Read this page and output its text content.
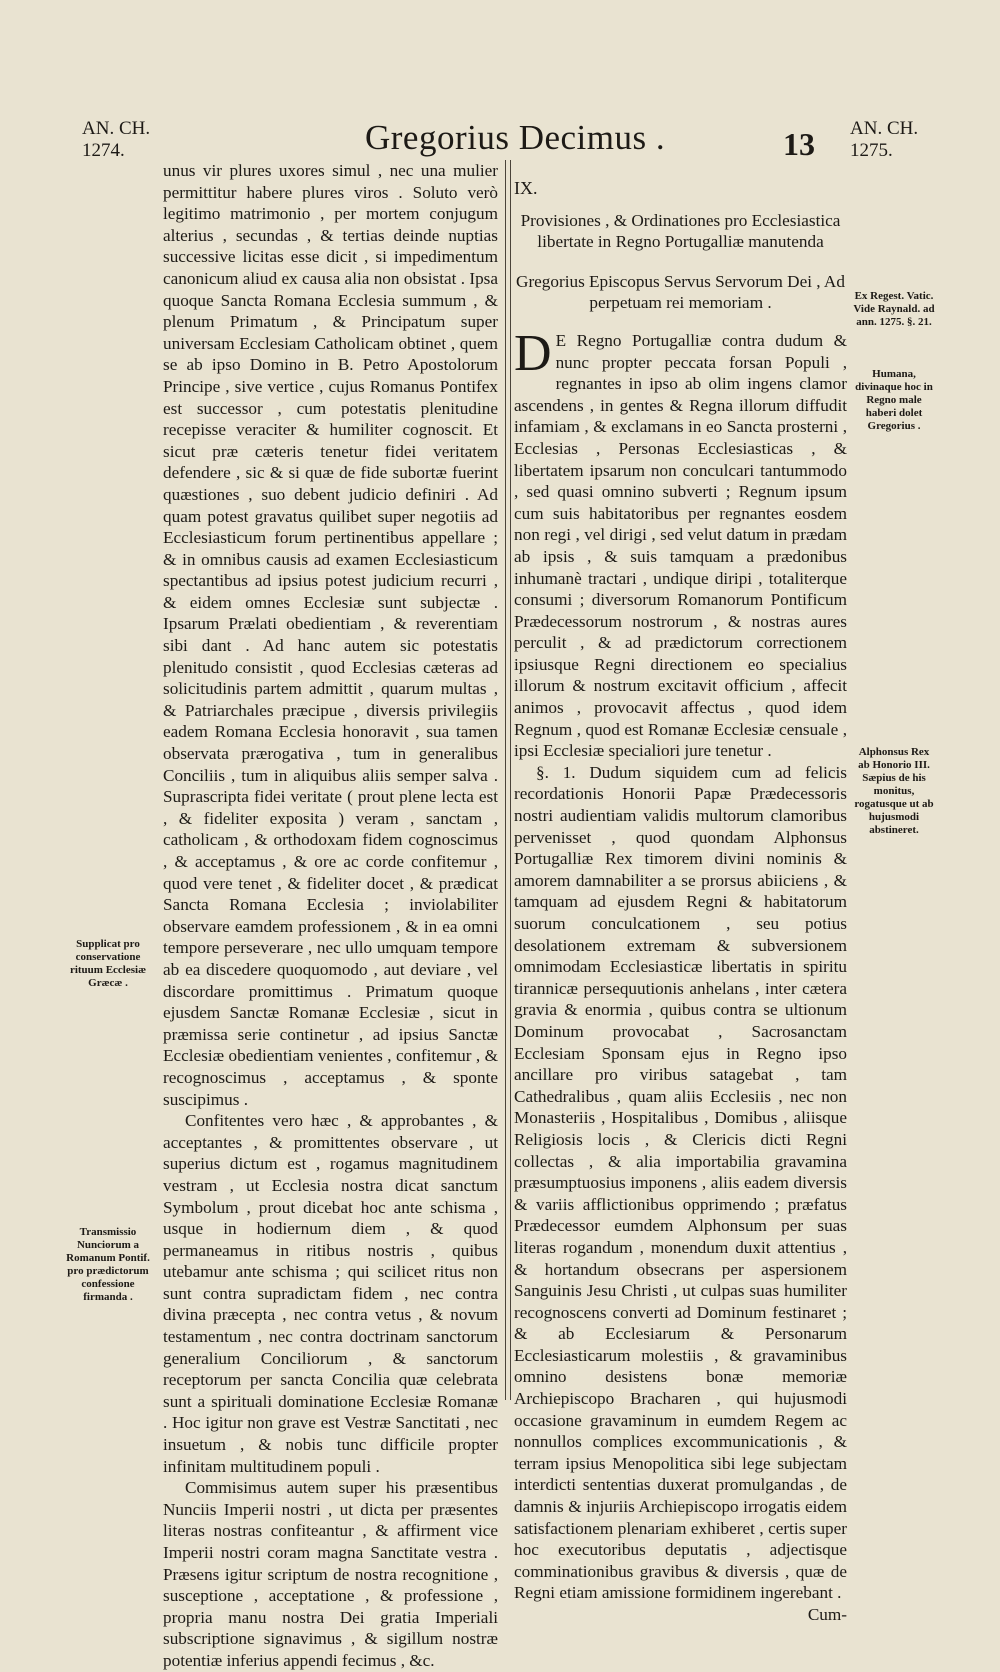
AN. CH.
1274.	Gregorius Decimus .	13 AN. CH.
1275.

unus vir plures uxores simul , nec una mulier permittitur habere plures viros . Soluto verò legitimo matrimonio , per mortem conjugum alterius , secundas , & tertias deinde nuptias successive licitas esse dicit , si impedimentum canonicum aliud ex causa alia non obsistat . Ipsa quoque Sancta Romana Ecclesia summum , & plenum Primatum , & Principatum super universam Ecclesiam Catholicam obtinet , quem se ab ipso Domino in B. Petro Apostolorum Principe , sive vertice , cujus Romanus Pontifex est successor , cum potestatis plenitudine recepisse veraciter & humiliter cognoscit. Et sicut præ cæteris tenetur fidei veritatem defendere , sic & si quæ de fide subortæ fuerint quæstiones , suo debent judicio definiri . Ad quam potest gravatus quilibet super negotiis ad Ecclesiasticum forum pertinentibus appellare ; & in omnibus causis ad examen Ecclesiasticum spectantibus ad ipsius potest judicium recurri , & eidem omnes Ecclesiæ sunt subjectæ . Ipsarum Prælati obedientiam , & reverentiam sibi dant . Ad hanc autem sic potestatis plenitudo consistit , quod Ecclesias cæteras ad solicitudinis partem admittit , quarum multas , & Patriarchales præcipue , diversis privilegiis eadem Romana Ecclesia honoravit , sua tamen observata prærogativa , tum in generalibus Conciliis , tum in aliquibus aliis semper salva . Suprascripta fidei veritate ( prout plene lecta est , & fideliter exposita ) veram , sanctam , catholicam , & orthodoxam fidem cognoscimus , & acceptamus , & ore ac corde confitemur , quod vere tenet , & fideliter docet , & prædicat Sancta Romana Ecclesia ; inviolabiliter observare eamdem professionem , & in ea omni tempore perseverare , nec ullo umquam tempore ab ea discedere quoquomodo , aut deviare , vel discordare promittimus . Primatum quoque ejusdem Sanctæ Romanæ Ecclesiæ , sicut in præmissa serie continetur , ad ipsius Sanctæ Ecclesiæ obedientiam venientes , confitemur , & recognoscimus , acceptamus , & sponte suscipimus .

Confitentes vero hæc , & approbantes , & acceptantes , & promittentes observare , ut superius dictum est , rogamus magnitudinem vestram , ut Ecclesia nostra dicat sanctum Symbolum , prout dicebat hoc ante schisma , usque in hodiernum diem , & quod permaneamus in ritibus nostris , quibus utebamur ante schisma ; qui scilicet ritus non sunt contra supradictam fidem , nec contra divina præcepta , nec contra vetus , & novum testamentum , nec contra doctrinam sanctorum generalium Conciliorum , & sanctorum receptorum per sancta Concilia quæ celebrata sunt a spirituali dominatione Ecclesiæ Romanæ . Hoc igitur non grave est Vestræ Sanctitati , nec insuetum , & nobis tunc difficile propter infinitam multitudinem populi .

Commisimus autem super his præsentibus Nunciis Imperii nostri , ut dicta per præsentes literas nostras confiteantur , & affirment vice Imperii nostri coram magna Sanctitate vestra . Præsens igitur scriptum de nostra recognitione , susceptione , acceptatione , & professione , propria manu nostra Dei gratia Imperiali subscriptione signavimus , & sigillum nostræ potentiæ inferius appendi fecimus , &c.

IX.

Provisiones , & Ordinationes pro Ecclesiastica libertate in Regno Portugalliæ manutenda

Gregorius Episcopus Servus Servorum Dei , Ad perpetuam rei memoriam .

D E Regno Portugalliæ contra dudum & nunc propter peccata forsan Populi , regnantes in ipso ab olim ingens clamor ascendens , in gentes & Regna illorum diffudit infamiam , & exclamans in eo Sancta prosterni , Ecclesias , Personas Ecclesiasticas , & libertatem ipsarum non conculcari tantummodo , sed quasi omnino subverti ; Regnum ipsum cum suis habitatoribus per regnantes eosdem non regi , vel dirigi , sed velut datum in prædam ab ipsis , & suis tamquam a prædonibus inhumanè tractari , undique diripi , totaliterque consumi ; diversorum Romanorum Pontificum Prædecessorum nostrorum , & nostras aures perculit , & ad prædictorum correctionem ipsiusque Regni directionem eo specialius illorum & nostrum excitavit officium , affecit animos , provocavit affectus , quod idem Regnum , quod est Romanæ Ecclesiæ censuale , ipsi Ecclesiæ specialiori jure tenetur .

§. 1. Dudum siquidem cum ad felicis recordationis Honorii Papæ Prædecessoris nostri audientiam validis multorum clamoribus pervenisset , quod quondam Alphonsus Portugalliæ Rex timorem divini nominis & amorem damnabiliter a se prorsus abiiciens , & tamquam ad ejusdem Regni & habitatorum suorum conculcationem , seu potius desolationem extremam & subversionem omnimodam Ecclesiasticæ libertatis in spiritu tirannicæ persequutionis anhelans , inter cætera gravia & enormia , quibus contra se ultionum Dominum provocabat , Sacrosanctam Ecclesiam Sponsam ejus in Regno ipso ancillare pro viribus satagebat , tam Cathedralibus , quam aliis Ecclesiis , nec non Monasteriis , Hospitalibus , Domibus , aliisque Religiosis locis , & Clericis dicti Regni collectas , & alia importabilia gravamina præsumptuosius imponens , aliis eadem diversis & variis afflictionibus opprimendo ; præfatus Prædecessor eumdem Alphonsum per suas literas rogandum , monendum duxit attentius , & hortandum obsecrans per aspersionem Sanguinis Jesu Christi , ut culpas suas humiliter recognoscens converti ad Dominum festinaret ; & ab Ecclesiarum & Personarum Ecclesiasticarum molestiis , & gravaminibus omnino desistens bonæ memoriæ Archiepiscopo Bracharen , qui hujusmodi occasione gravaminum in eumdem Regem ac nonnullos complices excommunicationis , & terram ipsius Menopolitica sibi lege subjectam interdicti sententias duxerat promulgandas , de damnis & injuriis Archiepiscopo irrogatis eidem satisfactionem plenariam exhiberet , certis super hoc executoribus deputatis , adjectisque comminationibus gravibus & diversis , quæ de Regni etiam amissione formidinem ingerebant .

Cum-

Supplicat pro conservatione rituum Ecclesiæ Græcæ .
Transmissio Nunciorum a Romanum Pontif. pro prædictorum confessione firmanda .
Ex Regest. Vatic. Vide Raynald. ad ann. 1275. §. 21.
Humana, divinaque hoc in Regno male haberi dolet Gregorius .
Alphonsus Rex ab Honorio III. Sæpius de his monitus, rogatusque ut ab hujusmodi abstineret.
